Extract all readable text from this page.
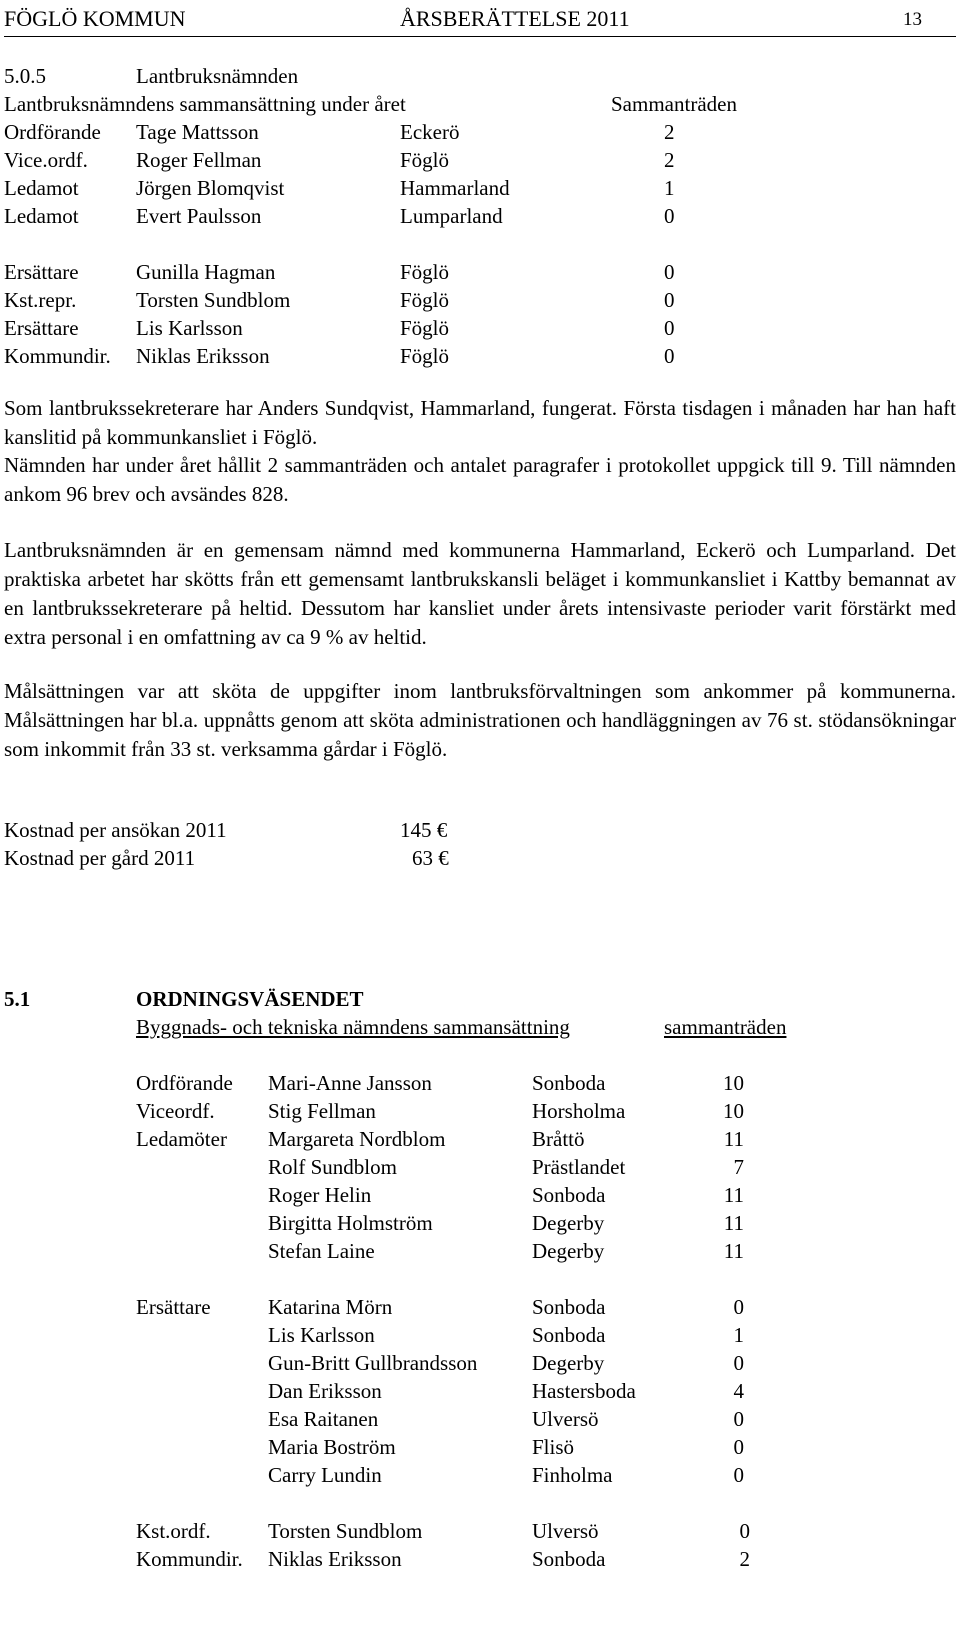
FÖGLÖ KOMMUN	ÅRSBERÄTTELSE 2011	13
5.0.5	Lantbruksnämnden
Lantbruksnämndens sammansättning under året	Sammanträden
Ordförande Tage Mattsson	Eckerö	2
Vice.ordf. Roger Fellman	Föglö	2
Ledamot	Jörgen Blomqvist	Hammarland	1
Ledamot	Evert Paulsson	Lumparland	0
Ersättare	Gunilla Hagman	Föglö	0
Kst.repr.	Torsten Sundblom	Föglö	0
Ersättare	Lis Karlsson	Föglö	0
Kommundir. Niklas Eriksson	Föglö	0

Som lantbrukssekreterare har Anders Sundqvist, Hammarland, fungerat. Första tisdagen i månaden har han haft kanslitid på kommunkansliet i Föglö.

Nämnden har under året hållit 2 sammanträden och antalet paragrafer i protokollet uppgick till 9. Till nämnden ankom 96 brev och avsändes 828.

Lantbruksnämnden är en gemensam nämnd med kommunerna Hammarland, Eckerö och Lumparland. Det praktiska arbetet har skötts från ett gemensamt lantbrukskansli beläget i kommunkansliet i Kattby bemannat av en lantbrukssekreterare på heltid. Dessutom har kansliet under årets intensivaste perioder varit förstärkt med extra personal i en omfattning av ca 9 % av heltid.

Målsättningen var att sköta de uppgifter inom lantbruksförvaltningen som ankommer på kommunerna. Målsättningen har bl.a. uppnåtts genom att sköta administrationen och handläggningen av 76 st. stödansökningar som inkommit från 33 st. verksamma gårdar i Föglö.

Kostnad per ansökan 2011	145 €
Kostnad per gård 2011	63 €
5.1	ORDNINGSVÄSENDET
Byggnads- och tekniska nämndens sammansättning	sammanträden
Ordförande Mari-Anne Jansson	Sonboda	10
Viceordf.	Stig Fellman	Horsholma	10
Ledamöter Margareta Nordblom	Bråttö	11
Rolf Sundblom	Prästlandet	7
Roger Helin	Sonboda	11
Birgitta Holmström	Degerby	11
Stefan Laine	Degerby	11
Ersättare	Katarina Mörn	Sonboda	0
Lis Karlsson	Sonboda	1
Gun-Britt Gullbrandsson	Degerby	0
Dan Eriksson	Hastersboda	4
Esa Raitanen	Ulversö	0
Maria Boström	Flisö	0
Carry Lundin	Finholma	0
Kst.ordf.	Torsten Sundblom	Ulversö	0
Kommundir. Niklas Eriksson	Sonboda	2
